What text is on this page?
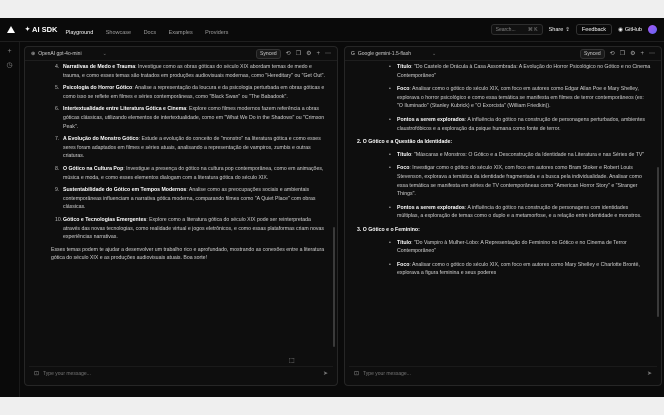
✦ AI SDK Playground Showcase Docs Examples Providers	Search... ⌘ K Share ⇪	Feedback	◉ GitHub
+
◷
⊛ OpenAI gpt-4o-mini	⌄	Synced	⟲ ❐ ⚙ + ⋯
4. Narrativas de Medo e Trauma: Investigue como as obras góticas do século XIX abordam temas de medo e trauma, e como esses temas são tratados em produções audiovisuais modernas, como "Hereditary" ou "Get Out".
5. Psicologia do Horror Gótico: Analise a representação da loucura e da psicologia perturbada em obras góticas e como isso se reflete em filmes e séries contemporâneas, como "Black Swan" ou "The Babadook".
6. Intertextualidade entre Literatura Gótica e Cinema: Explore como filmes modernos fazem referência a obras góticas clássicas, utilizando elementos de intertextualidade, como em "What We Do in the Shadows" ou "Crimson Peak".
7. A Evolução do Monstro Gótico: Estude a evolução do conceito de "monstro" na literatura gótica e como esses seres foram adaptados em filmes e séries atuais, analisando a representação de vampiros, zumbis e outras criaturas.
8. O Gótico na Cultura Pop: Investigue a presença do gótico na cultura pop contemporânea, como em animações, música e moda, e como esses elementos dialogam com a literatura gótica do século XIX.
9. Sustentabilidade do Gótico em Tempos Modernos: Analise como as preocupações sociais e ambientais contemporâneas influenciam a narrativa gótica moderna, comparando filmes como "A Quiet Place" com obras clássicas.
10. Gótico e Tecnologias Emergentes: Explore como a literatura gótica do século XIX pode ser reinterpretada através das novas tecnologias, como realidade virtual e jogos eletrônicos, e como essas plataformas criam novas experiências narrativas.

Esses temas podem te ajudar a desenvolver um trabalho rico e aprofundado, mostrando as conexões entre a literatura gótica do século XIX e as produções audiovisuais atuais. Boa sorte!

⬚
⊡ Type your message...	➤
G Google gemini-1.5-flash	⌄	Synced	⟲ ❐ ⚙ + ⋯
• Título: "Do Castelo de Drácula à Casa Assombrada: A Evolução do Horror Psicológico no Gótico e no Cinema Contemporâneo"
• Foco: Analisar como o gótico do século XIX, com foco em autores como Edgar Allan Poe e Mary Shelley, explorava o horror psicológico e como essa temática se manifesta em filmes de terror contemporâneos (ex: "O Iluminado" (Stanley Kubrick) e "O Exorcista" (William Friedkin)).
• Pontos a serem explorados: A influência do gótico na construção de personagens perturbados, ambientes claustrofóbicos e a exploração da psique humana como fonte de terror.
2. O Gótico e a Questão da Identidade:
• Título: "Máscaras e Monstros: O Gótico e a Desconstrução da Identidade na Literatura e nas Séries de TV"
• Foco: Investigar como o gótico do século XIX, com foco em autores como Bram Stoker e Robert Louis Stevenson, explorava a temática da identidade fragmentada e a busca pela individualidade. Analisar como essa temática se manifesta em séries de TV contemporâneas como "American Horror Story" e "Stranger Things".
• Pontos a serem explorados: A influência do gótico na construção de personagens com identidades múltiplas, a exploração de temas como o duplo e a metamorfose, e a relação entre identidade e monstros.
3. O Gótico e o Feminino:
• Título: "Do Vampiro à Mulher-Lobo: A Representação do Feminino no Gótico e no Cinema de Terror Contemporâneo"
• Foco: Analisar como o gótico do século XIX, com foco em autores como Mary Shelley e Charlotte Brontë, explorava a figura feminina e seus poderes
⊡ Type your message...	➤
